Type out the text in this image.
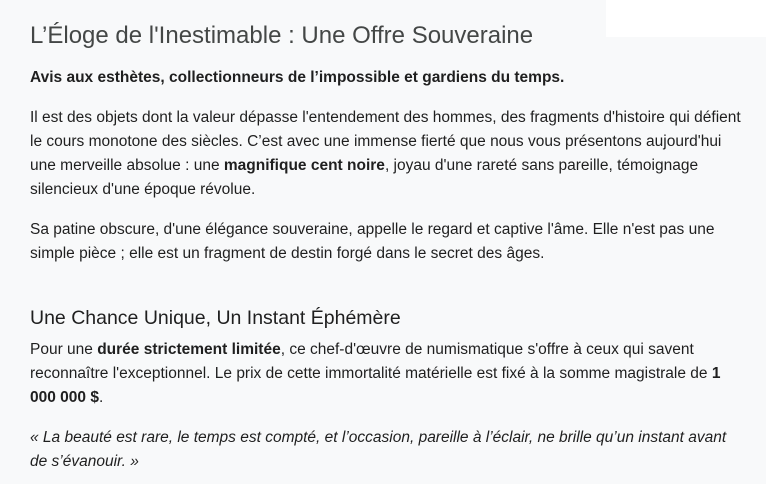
L’Éloge de l'Inestimable : Une Offre Souveraine

Avis aux esthètes, collectionneurs de l’impossible et gardiens du temps.

Il est des objets dont la valeur dépasse l'entendement des hommes, des fragments d'histoire qui défient le cours monotone des siècles. C’est avec une immense fierté que nous vous présentons aujourd'hui une merveille absolue : une magnifique cent noire, joyau d'une rareté sans pareille, témoignage silencieux d'une époque révolue.

Sa patine obscure, d'une élégance souveraine, appelle le regard et captive l'âme. Elle n'est pas une simple pièce ; elle est un fragment de destin forgé dans le secret des âges.

Une Chance Unique, Un Instant Éphémère

Pour une durée strictement limitée, ce chef-d'œuvre de numismatique s'offre à ceux qui savent reconnaître l'exceptionnel. Le prix de cette immortalité matérielle est fixé à la somme magistrale de 1 000 000 $.

« La beauté est rare, le temps est compté, et l’occasion, pareille à l’éclair, ne brille qu’un instant avant de s’évanouir. »
